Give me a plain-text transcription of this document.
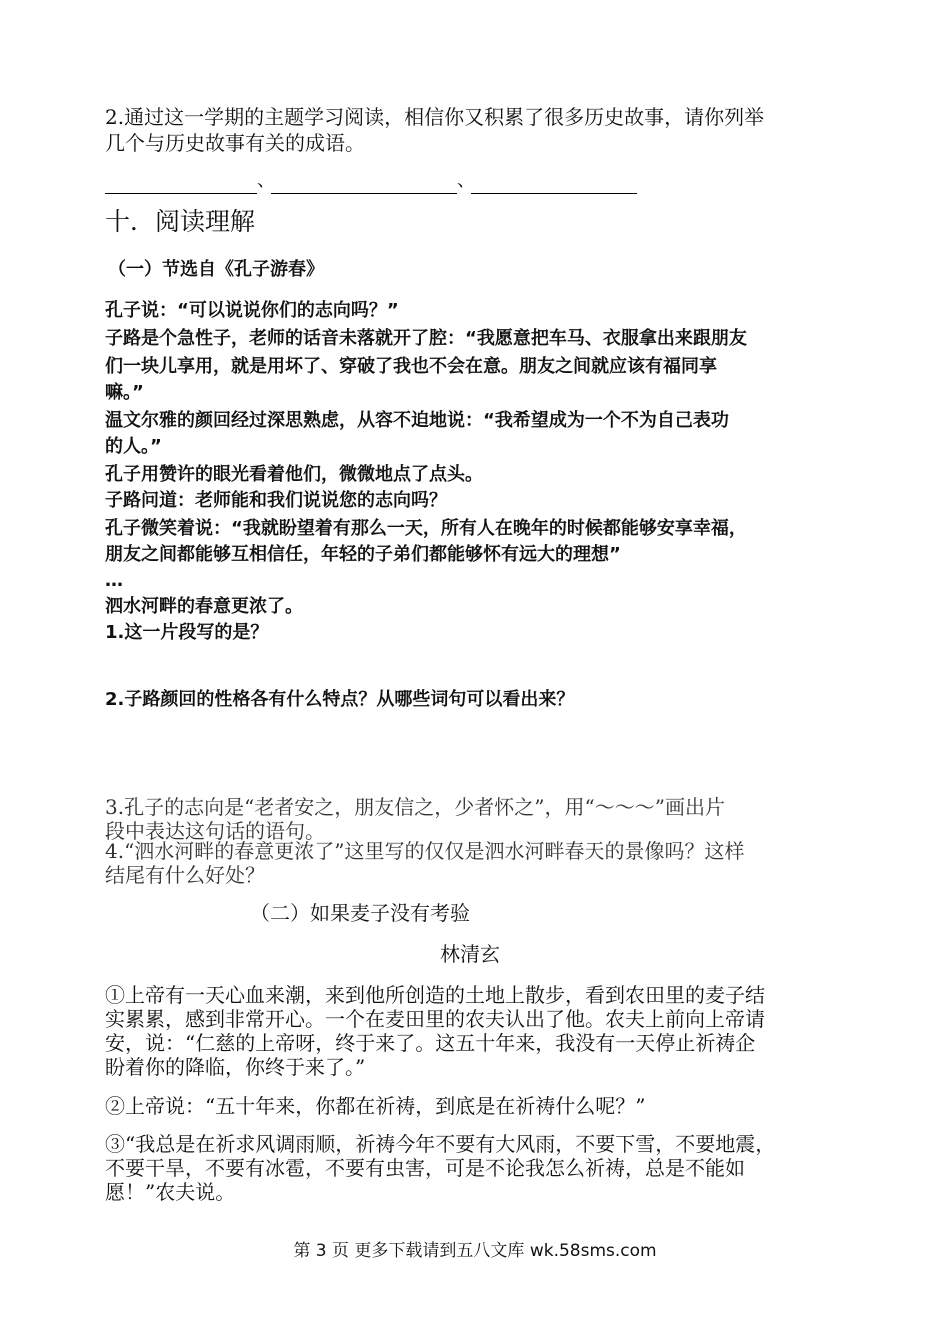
2.通过这一学期的主题学习阅读，相信你又积累了很多历史故事，请你列举
几个与历史故事有关的成语。
、	、
十．阅读理解
（一）节选自《孔子游春》
孔子说：“可以说说你们的志向吗？”
子路是个急性子，老师的话音未落就开了腔：“我愿意把车马、衣服拿出来跟朋友
们一块儿享用，就是用坏了、穿破了我也不会在意。朋友之间就应该有福同享
嘛。”
温文尔雅的颜回经过深思熟虑，从容不迫地说：“我希望成为一个不为自己表功
的人。”
孔子用赞许的眼光看着他们，微微地点了点头。
子路问道：老师能和我们说说您的志向吗？
孔子微笑着说：“我就盼望着有那么一天，所有人在晚年的时候都能够安享幸福，
朋友之间都能够互相信任，年轻的子弟们都能够怀有远大的理想”
…
泗水河畔的春意更浓了。
1.这一片段写的是？
2.子路颜回的性格各有什么特点？从哪些词句可以看出来？
3.孔子的志向是“老者安之，朋友信之，少者怀之”，用“～～～”画出片
段中表达这句话的语句。
4.“泗水河畔的春意更浓了”这里写的仅仅是泗水河畔春天的景像吗？这样
结尾有什么好处？
（二）如果麦子没有考验
林清玄
①上帝有一天心血来潮，来到他所创造的土地上散步，看到农田里的麦子结
实累累，感到非常开心。一个在麦田里的农夫认出了他。农夫上前向上帝请
安，说：“仁慈的上帝呀，终于来了。这五十年来，我没有一天停止祈祷企
盼着你的降临，你终于来了。”
②上帝说：“五十年来，你都在祈祷，到底是在祈祷什么呢？”
③“我总是在祈求风调雨顺，祈祷今年不要有大风雨，不要下雪，不要地震，
不要干旱，不要有冰雹，不要有虫害，可是不论我怎么祈祷，总是不能如
愿！”农夫说。
第 3 页 更多下载请到五八文库 wk.58sms.com
